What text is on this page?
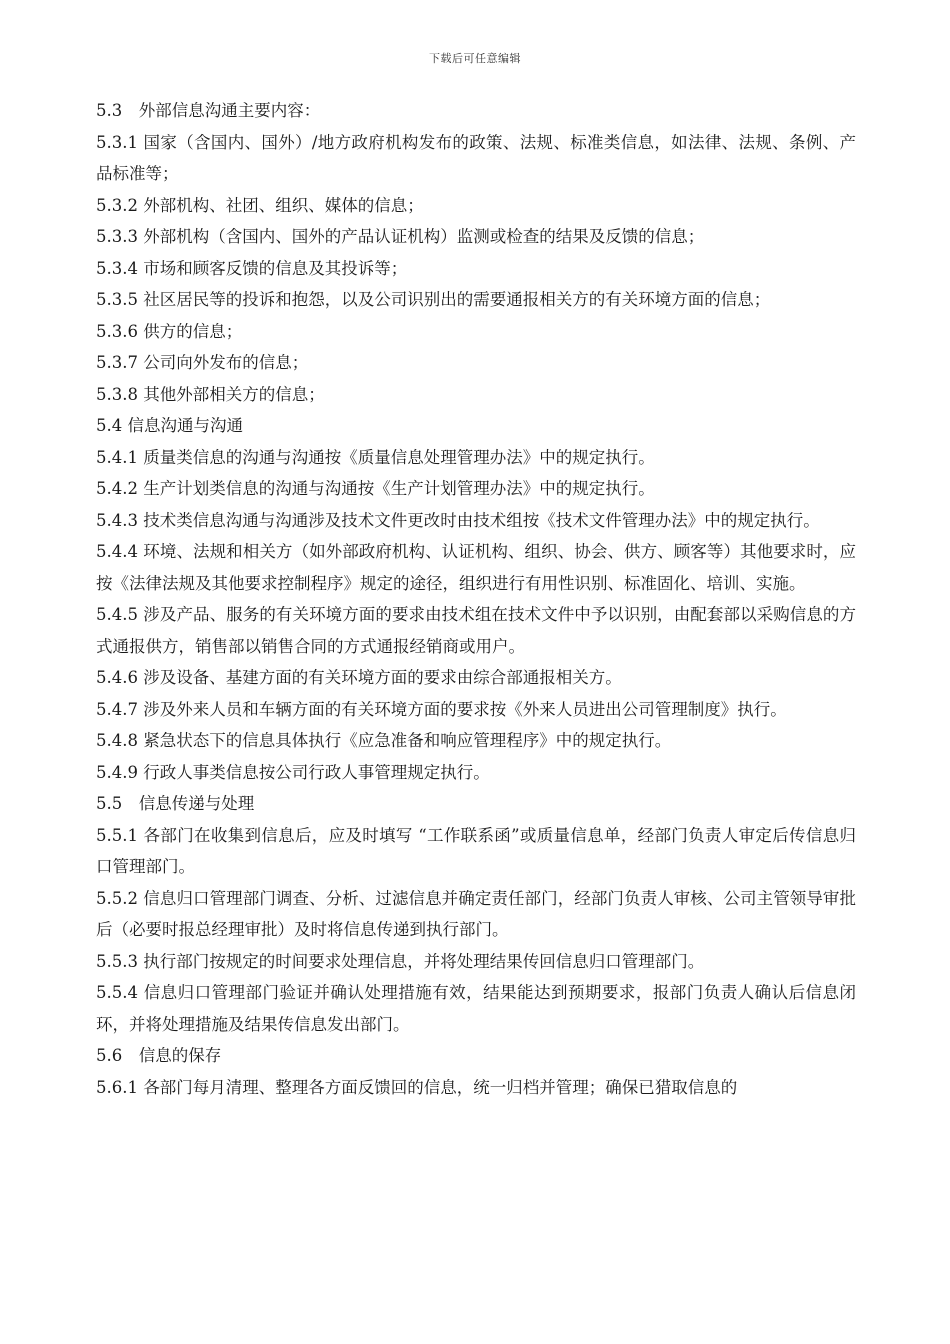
下载后可任意编辑

5.3　外部信息沟通主要内容：

5.3.1 国家（含国内、国外）/地方政府机构发布的政策、法规、标准类信息，如法律、法规、条例、产品标准等；

5.3.2 外部机构、社团、组织、媒体的信息；

5.3.3 外部机构（含国内、国外的产品认证机构）监测或检查的结果及反馈的信息；

5.3.4 市场和顾客反馈的信息及其投诉等；

5.3.5 社区居民等的投诉和抱怨，以及公司识别出的需要通报相关方的有关环境方面的信息；

5.3.6 供方的信息；

5.3.7 公司向外发布的信息；

5.3.8 其他外部相关方的信息；

5.4 信息沟通与沟通

5.4.1 质量类信息的沟通与沟通按《质量信息处理管理办法》中的规定执行。

5.4.2 生产计划类信息的沟通与沟通按《生产计划管理办法》中的规定执行。

5.4.3 技术类信息沟通与沟通涉及技术文件更改时由技术组按《技术文件管理办法》中的规定执行。

5.4.4 环境、法规和相关方（如外部政府机构、认证机构、组织、协会、供方、顾客等）其他要求时，应按《法律法规及其他要求控制程序》规定的途径，组织进行有用性识别、标准固化、培训、实施。

5.4.5 涉及产品、服务的有关环境方面的要求由技术组在技术文件中予以识别，由配套部以采购信息的方式通报供方，销售部以销售合同的方式通报经销商或用户。

5.4.6 涉及设备、基建方面的有关环境方面的要求由综合部通报相关方。

5.4.7 涉及外来人员和车辆方面的有关环境方面的要求按《外来人员进出公司管理制度》执行。

5.4.8 紧急状态下的信息具体执行《应急准备和响应管理程序》中的规定执行。

5.4.9 行政人事类信息按公司行政人事管理规定执行。

5.5　信息传递与处理

5.5.1 各部门在收集到信息后，应及时填写 “工作联系函”或质量信息单，经部门负责人审定后传信息归口管理部门。

5.5.2 信息归口管理部门调查、分析、过滤信息并确定责任部门，经部门负责人审核、公司主管领导审批后（必要时报总经理审批）及时将信息传递到执行部门。

5.5.3 执行部门按规定的时间要求处理信息，并将处理结果传回信息归口管理部门。

5.5.4 信息归口管理部门验证并确认处理措施有效，结果能达到预期要求，报部门负责人确认后信息闭环，并将处理措施及结果传信息发出部门。

5.6　信息的保存

5.6.1 各部门每月清理、整理各方面反馈回的信息，统一归档并管理；确保已猎取信息的
